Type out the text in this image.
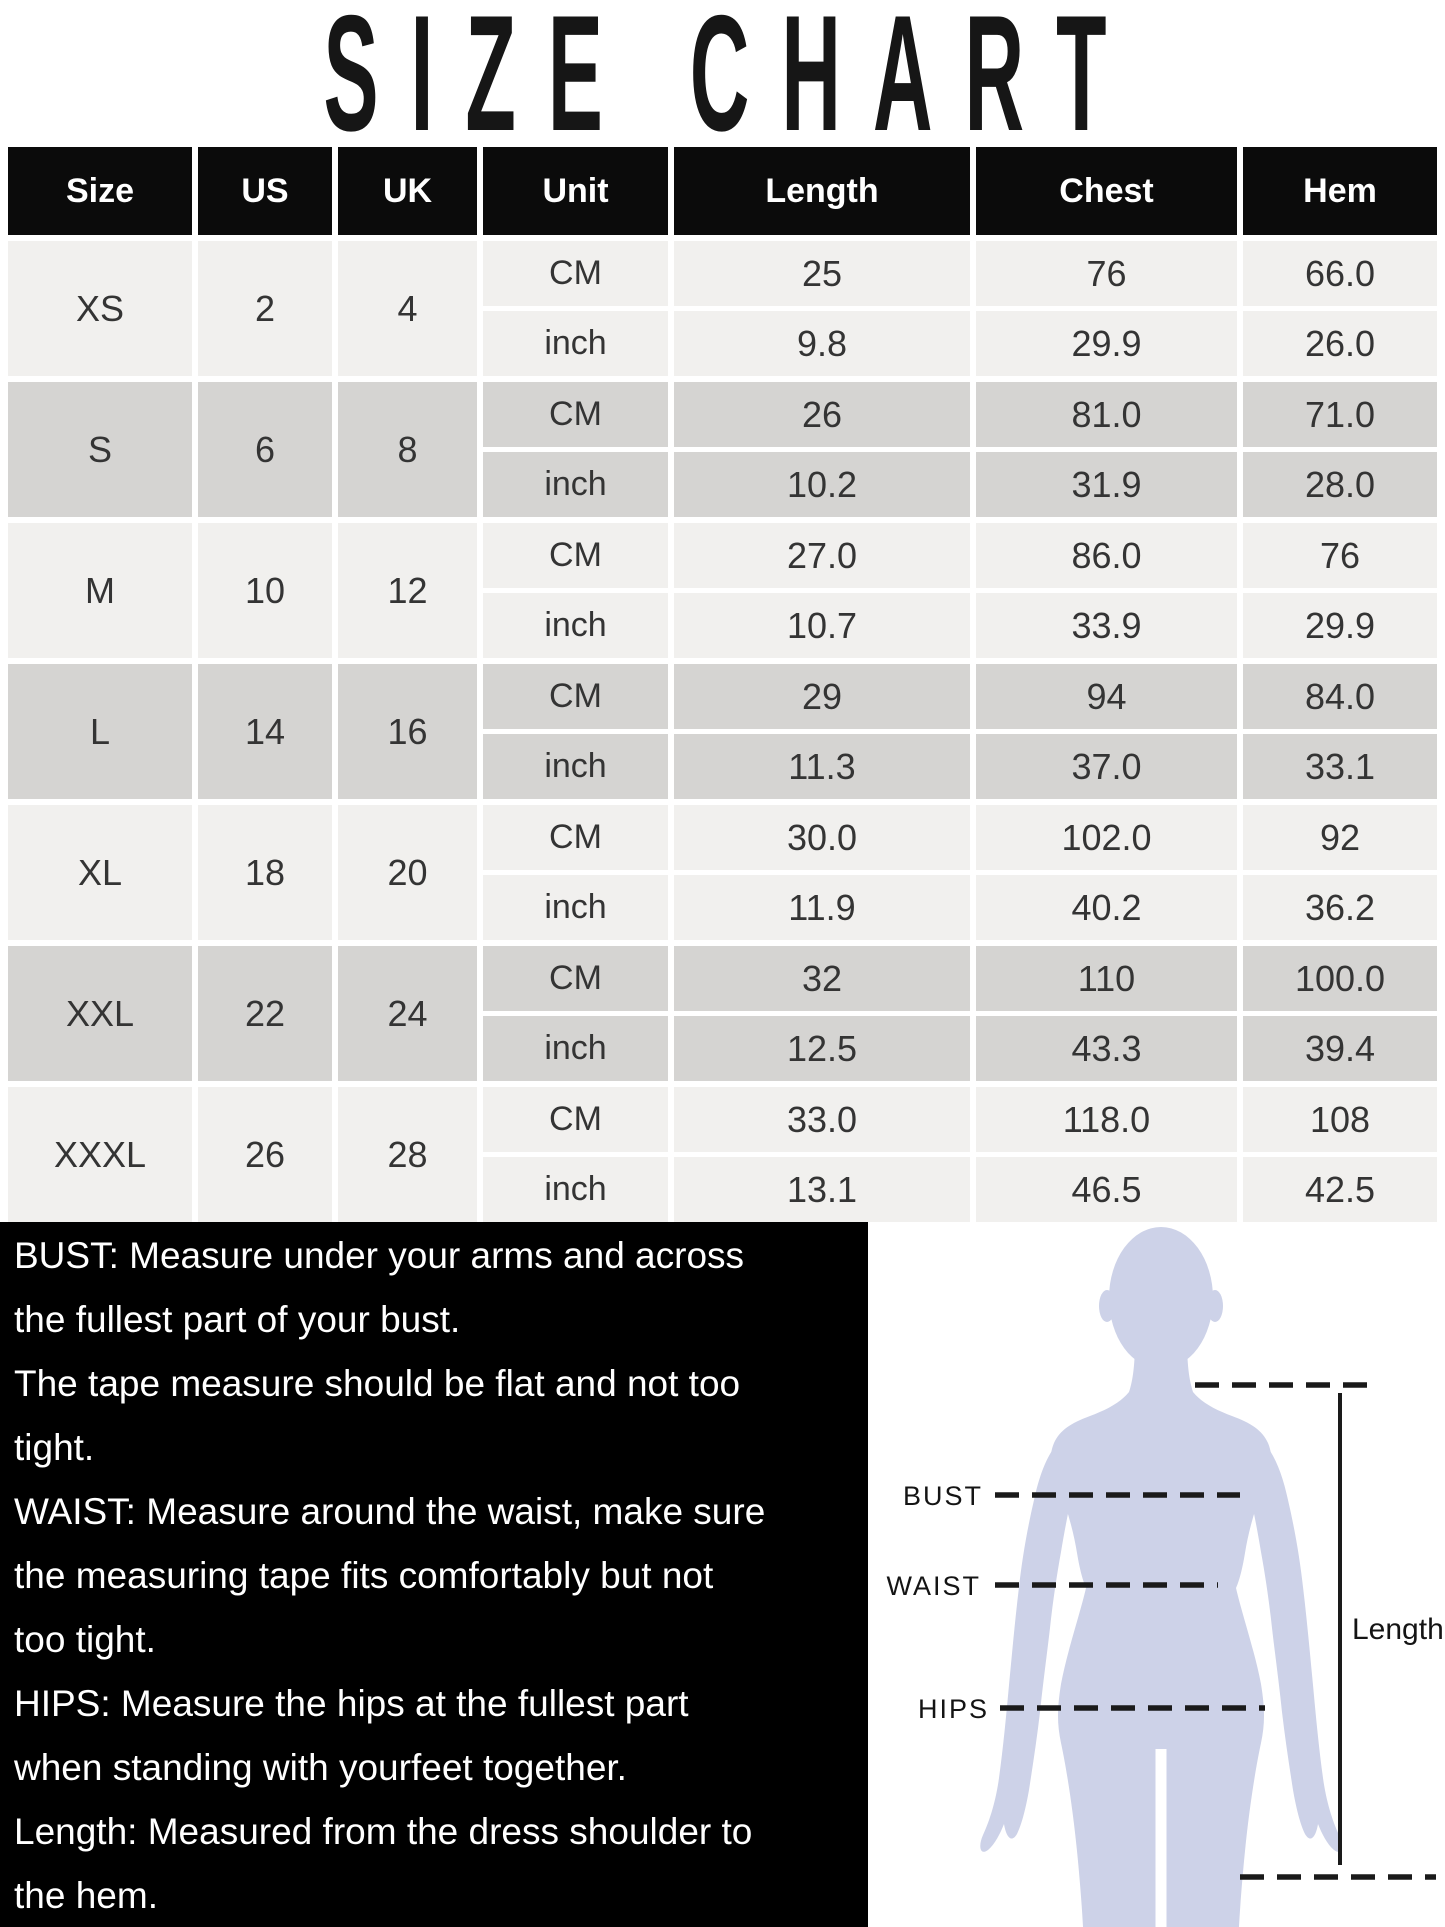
SIZE CHART
Size	US	UK	Unit	Length	Chest	Hem
XS	2	4
CM	25	76	66.0
inch	9.8	29.9	26.0
S	6	8
CM	26	81.0	71.0
inch	10.2	31.9	28.0
M	10	12
CM	27.0	86.0	76
inch	10.7	33.9	29.9
L	14	16
CM	29	94	84.0
inch	11.3	37.0	33.1
XL	18	20
CM	30.0	102.0	92
inch	11.9	40.2	36.2
XXL	22	24
CM	32	110	100.0
inch	12.5	43.3	39.4
XXXL	26	28
CM	33.0	118.0	108
inch	13.1	46.5	42.5
BUST: Measure under your arms and across
the fullest part of your bust.
The tape measure should be flat and not too
tight.
WAIST: Measure around the waist, make sure
the measuring tape fits comfortably but not
too tight.
HIPS: Measure the hips at the fullest part
when standing with yourfeet together.
Length: Measured from the dress shoulder to
the hem.
BUST
WAIST
HIPS
Length
